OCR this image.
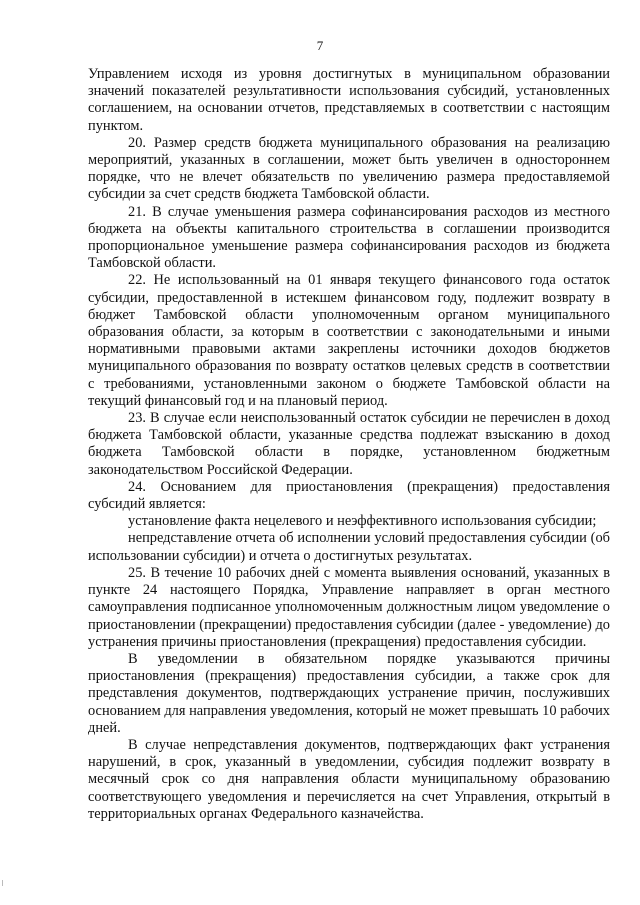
7

Управлением исходя из уровня достигнутых в муниципальном образовании значений показателей результативности использования субсидий, установленных соглашением, на основании отчетов, представляемых в соответствии с настоящим пунктом.

20. Размер средств бюджета муниципального образования на реализацию мероприятий, указанных в соглашении, может быть увеличен в одностороннем порядке, что не влечет обязательств по увеличению размера предоставляемой субсидии за счет средств бюджета Тамбовской области.

21. В случае уменьшения размера софинансирования расходов из местного бюджета на объекты капитального строительства в соглашении производится пропорциональное уменьшение размера софинансирования расходов из бюджета Тамбовской области.

22. Не использованный на 01 января текущего финансового года остаток субсидии, предоставленной в истекшем финансовом году, подлежит возврату в бюджет Тамбовской области уполномоченным органом муниципального образования области, за которым в соответствии с законодательными и иными нормативными правовыми актами закреплены источники доходов бюджетов муниципального образования по возврату остатков целевых средств в соответствии с требованиями, установленными законом о бюджете Тамбовской области на текущий финансовый год и на плановый период.

23. В случае если неиспользованный остаток субсидии не перечислен в доход бюджета Тамбовской области, указанные средства подлежат взысканию в доход бюджета Тамбовской области в порядке, установленном бюджетным законодательством Российской Федерации.

24. Основанием для приостановления (прекращения) предоставления субсидий является:

установление факта нецелевого и неэффективного использования субсидии;

непредставление отчета об исполнении условий предоставления субсидии (об использовании субсидии) и отчета о достигнутых результатах.

25. В течение 10 рабочих дней с момента выявления оснований, указанных в пункте 24 настоящего Порядка, Управление направляет в орган местного самоуправления подписанное уполномоченным должностным лицом уведомление о приостановлении (прекращении) предоставления субсидии (далее - уведомление) до устранения причины приостановления (прекращения) предоставления субсидии.

В уведомлении в обязательном порядке указываются причины приостановления (прекращения) предоставления субсидии, а также срок для представления документов, подтверждающих устранение причин, послуживших основанием для направления уведомления, который не может превышать 10 рабочих дней.

В случае непредставления документов, подтверждающих факт устранения нарушений, в срок, указанный в уведомлении, субсидия подлежит возврату в месячный срок со дня направления области муниципальному образованию соответствующего уведомления и перечисляется на счет Управления, открытый в территориальных органах Федерального казначейства.
